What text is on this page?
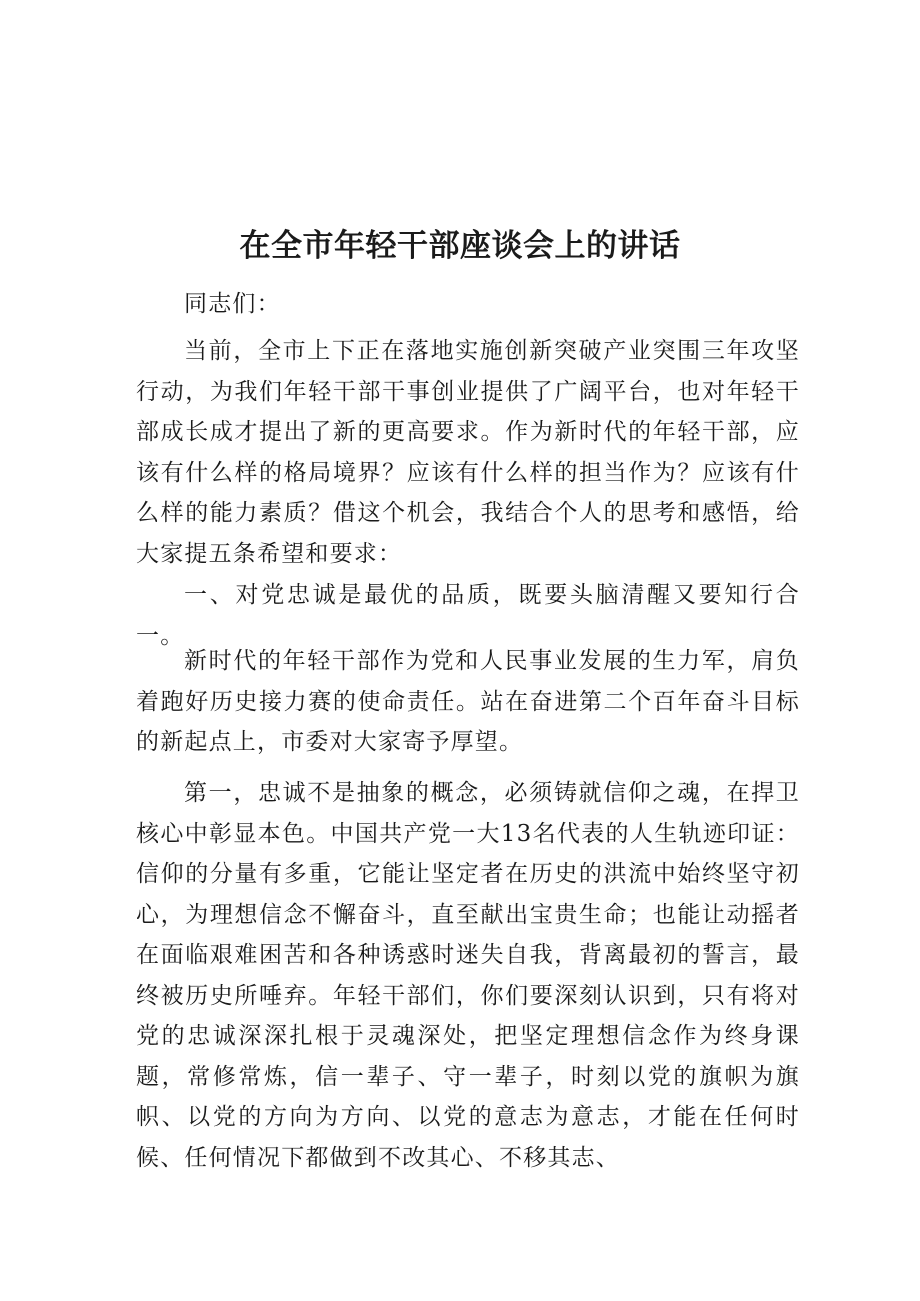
在全市年轻干部座谈会上的讲话

同志们：

当前，全市上下正在落地实施创新突破产业突围三年攻坚行动，为我们年轻干部干事创业提供了广阔平台，也对年轻干部成长成才提出了新的更高要求。作为新时代的年轻干部，应该有什么样的格局境界？应该有什么样的担当作为？应该有什么样的能力素质？借这个机会，我结合个人的思考和感悟，给大家提五条希望和要求：

一、对党忠诚是最优的品质，既要头脑清醒又要知行合一。

新时代的年轻干部作为党和人民事业发展的生力军，肩负着跑好历史接力赛的使命责任。站在奋进第二个百年奋斗目标的新起点上，市委对大家寄予厚望。

第一，忠诚不是抽象的概念，必须铸就信仰之魂，在捍卫核心中彰显本色。中国共产党一大13名代表的人生轨迹印证：信仰的分量有多重，它能让坚定者在历史的洪流中始终坚守初心，为理想信念不懈奋斗，直至献出宝贵生命；也能让动摇者在面临艰难困苦和各种诱惑时迷失自我，背离最初的誓言，最终被历史所唾弃。年轻干部们，你们要深刻认识到，只有将对党的忠诚深深扎根于灵魂深处，把坚定理想信念作为终身课题，常修常炼，信一辈子、守一辈子，时刻以党的旗帜为旗帜、以党的方向为方向、以党的意志为意志，才能在任何时候、任何情况下都做到不改其心、不移其志、
